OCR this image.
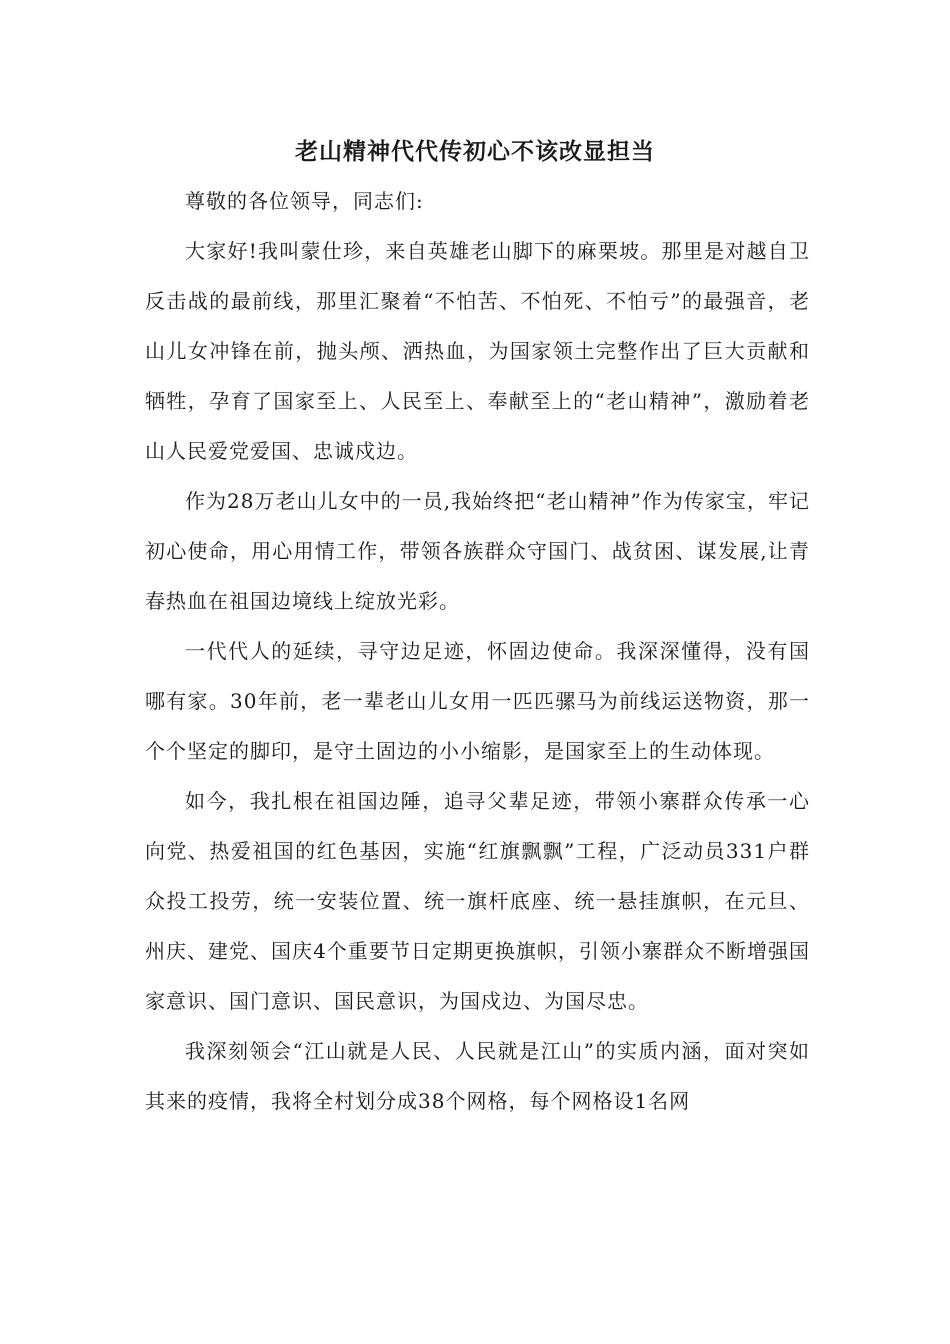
老山精神代代传初心不该改显担当

尊敬的各位领导，同志们:

大家好!我叫蒙仕珍，来自英雄老山脚下的麻栗坡。那里是对越自卫反击战的最前线，那里汇聚着“不怕苦、不怕死、不怕亏”的最强音，老山儿女冲锋在前，抛头颅、洒热血，为国家领土完整作出了巨大贡献和牺牲，孕育了国家至上、人民至上、奉献至上的“老山精神”，激励着老山人民爱党爱国、忠诚戍边。

作为28万老山儿女中的一员,我始终把“老山精神”作为传家宝，牢记初心使命，用心用情工作，带领各族群众守国门、战贫困、谋发展,让青春热血在祖国边境线上绽放光彩。

一代代人的延续，寻守边足迹，怀固边使命。我深深懂得，没有国哪有家。30年前，老一辈老山儿女用一匹匹骡马为前线运送物资，那一个个坚定的脚印，是守土固边的小小缩影，是国家至上的生动体现。

如今，我扎根在祖国边陲，追寻父辈足迹，带领小寨群众传承一心向党、热爱祖国的红色基因，实施“红旗飘飘”工程，广泛动员331户群众投工投劳，统一安装位置、统一旗杆底座、统一悬挂旗帜，在元旦、州庆、建党、国庆4个重要节日定期更换旗帜，引领小寨群众不断增强国家意识、国门意识、国民意识，为国戍边、为国尽忠。

我深刻领会“江山就是人民、人民就是江山”的实质内涵，面对突如其来的疫情，我将全村划分成38个网格，每个网格设1名网
